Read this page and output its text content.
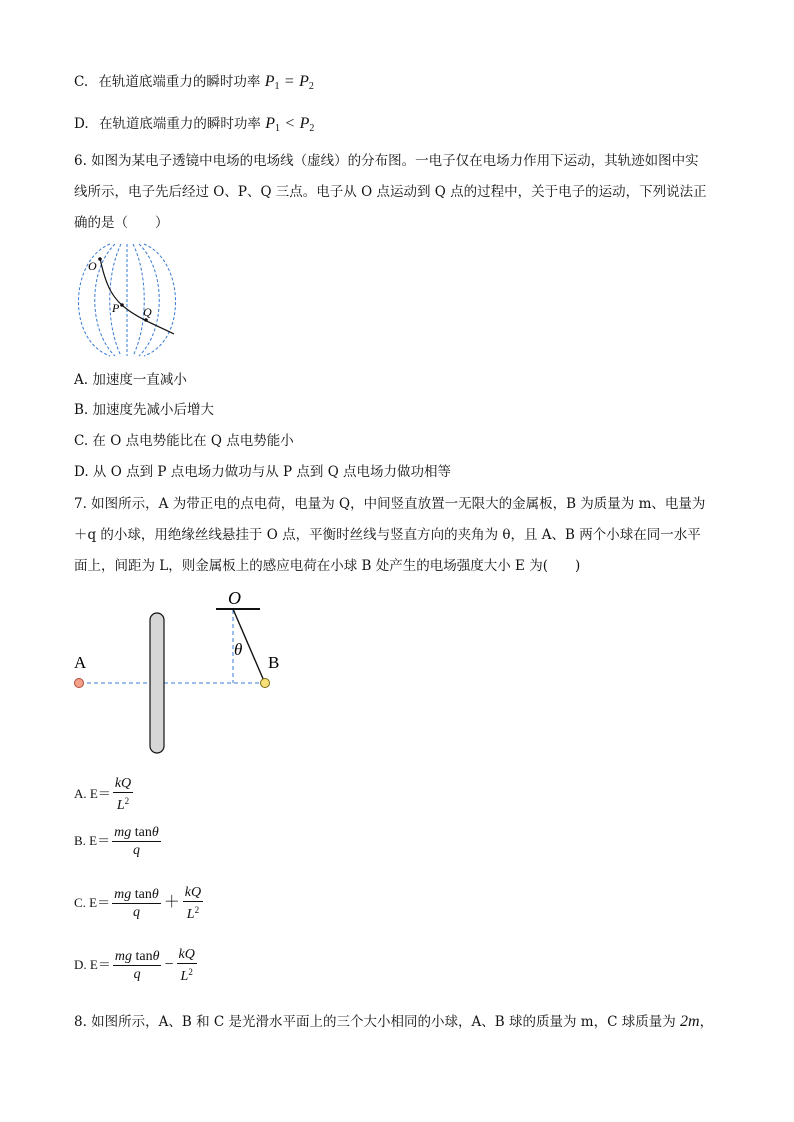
C. 在轨道底端重力的瞬时功率 $P_1 = P_2$
D. 在轨道底端重力的瞬时功率 $P_1 < P_2$
6. 如图为某电子透镜中电场的电场线（虚线）的分布图。一电子仅在电场力作用下运动，其轨迹如图中实
线所示，电子先后经过 O、P、Q 三点。电子从 O 点运动到 Q 点的过程中，关于电子的运动，下列说法正
确的是（　　）
O
P Q
A. 加速度一直减小
B. 加速度先减小后增大
C. 在 O 点电势能比在 Q 点电势能小
D. 从 O 点到 P 点电场力做功与从 P 点到 Q 点电场力做功相等
7. 如图所示，A 为带正电的点电荷，电量为 Q，中间竖直放置一无限大的金属板，B 为质量为 m、电量为
＋q 的小球，用绝缘丝线悬挂于 O 点，平衡时丝线与竖直方向的夹角为 θ，且 A、B 两个小球在同一水平
面上，间距为 L，则金属板上的感应电荷在小球 B 处产生的电场强度大小 E 为(　　)
A	B
O
θ
A. $E= \frac{kQ}{L^2}$
B. $E= \frac{\text{mg tanθ}}{q}$
C. $E= \frac{\text{mg tanθ}}{q} + \frac{kQ}{L^2}$
D. $E= \frac{\text{mg tanθ}}{q} - \frac{kQ}{L^2}$
8. 如图所示，A、B 和 C 是光滑水平面上的三个大小相同的小球，A、B 球的质量为 m，C 球质量为 2m，
